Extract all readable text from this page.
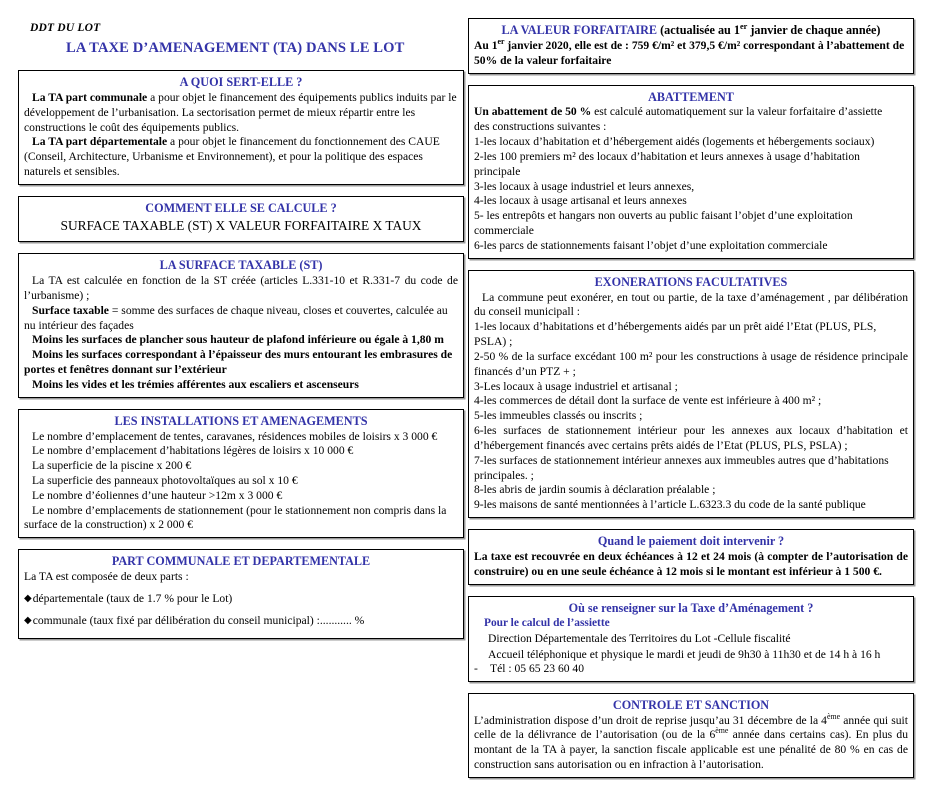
DDT DU LOT
LA TAXE D’AMENAGEMENT (TA) DANS LE LOT
A QUOI SERT-ELLE ?

La TA part communale a pour objet le financement des équipements publics induits par le développement de l’urbanisation. La sectorisation permet de mieux répartir entre les constructions le coût des équipements publics.

La TA part départementale a pour objet le financement du fonctionnement des CAUE (Conseil, Architecture, Urbanisme et Environnement), et pour la politique des espaces naturels et sensibles.

COMMENT ELLE SE CALCULE ?
SURFACE TAXABLE (ST) X VALEUR FORFAITAIRE X TAUX
LA SURFACE TAXABLE (ST)

La TA est calculée en fonction de la ST créée (articles L.331-10 et R.331-7 du code de l’urbanisme) ;

Surface taxable = somme des surfaces de chaque niveau, closes et couvertes, calculée au nu intérieur des façades

Moins les surfaces de plancher sous hauteur de plafond inférieure ou égale à 1,80 m

Moins les surfaces correspondant à l’épaisseur des murs entourant les embrasures de portes et fenêtres donnant sur l’extérieur

Moins les vides et les trémies afférentes aux escaliers et ascenseurs

LES INSTALLATIONS ET AMENAGEMENTS

Le nombre d’emplacement de tentes, caravanes, résidences mobiles de loisirs x 3 000 €

Le nombre d’emplacement d’habitations légères de loisirs x 10 000 €

La superficie de la piscine x 200 €

La superficie des panneaux photovoltaïques au sol x 10 €

Le nombre d’éoliennes d’une hauteur >12m x 3 000 €

Le nombre d’emplacements de stationnement (pour le stationnement non compris dans la surface de la construction) x 2 000 €

PART COMMUNALE ET DEPARTEMENTALE

La TA est composée de deux parts :

◆départementale (taux de 1.7 % pour le Lot)

◆communale (taux fixé par délibération du conseil municipal) :........... %

LA VALEUR FORFAITAIRE (actualisée au 1er janvier de chaque année)

Au 1er janvier 2020, elle est de : 759 €/m² et 379,5 €/m² correspondant à l’abattement de 50% de la valeur forfaitaire

ABATTEMENT

Un abattement de 50 % est calculé automatiquement sur la valeur forfaitaire d’assiette

des constructions suivantes :

1-les locaux d’habitation et d’hébergement aidés (logements et hébergements sociaux)

2-les 100 premiers m² des locaux d’habitation et leurs annexes à usage d’habitation principale

3-les locaux à usage industriel et leurs annexes,

4-les locaux à usage artisanal et leurs annexes

5- les entrepôts et hangars non ouverts au public faisant l’objet d’une exploitation commerciale

6-les parcs de stationnements faisant l’objet d’une exploitation commerciale

EXONERATIONS FACULTATIVES

La commune peut exonérer, en tout ou partie, de la taxe d’aménagement , par délibération du conseil municipall :

1-les locaux d’habitations et d’hébergements aidés par un prêt aidé l’Etat (PLUS, PLS, PSLA) ;

2-50 % de la surface excédant 100 m² pour les constructions à usage de résidence principale financés d’un PTZ + ;

3-Les locaux à usage industriel et artisanal ;

4-les commerces de détail dont la surface de vente est inférieure à 400 m² ;

5-les immeubles classés ou inscrits ;

6-les surfaces de stationnement intérieur pour les annexes aux locaux d’habitation et d’hébergement financés avec certains prêts aidés de l’Etat (PLUS, PLS, PSLA) ;

7-les surfaces de stationnement intérieur annexes aux immeubles autres que d’habitations principales. ;

8-les abris de jardin soumis à déclaration préalable ;

9-les maisons de santé mentionnées à l’article L.6323.3 du code de la santé publique

Quand le paiement doit intervenir ?

La taxe est recouvrée en deux échéances à 12 et 24 mois (à compter de l’autorisation de construire) ou en une seule échéance à 12 mois si le montant est inférieur à 1 500 €.

Où se renseigner sur la Taxe d’Aménagement ?
Pour le calcul de l’assiette
Direction Départementale des Territoires du Lot -Cellule fiscalité
Accueil téléphonique et physique le mardi et jeudi de 9h30 à 11h30 et de 14 h à 16 h
- Tél : 05 65 23 60 40
CONTROLE ET SANCTION

L’administration dispose d’un droit de reprise jusqu’au 31 décembre de la 4ème année qui suit celle de la délivrance de l’autorisation (ou de la 6ème année dans certains cas). En plus du montant de la TA à payer, la sanction fiscale applicable est une pénalité de 80 % en cas de construction sans autorisation ou en infraction à l’autorisation.
